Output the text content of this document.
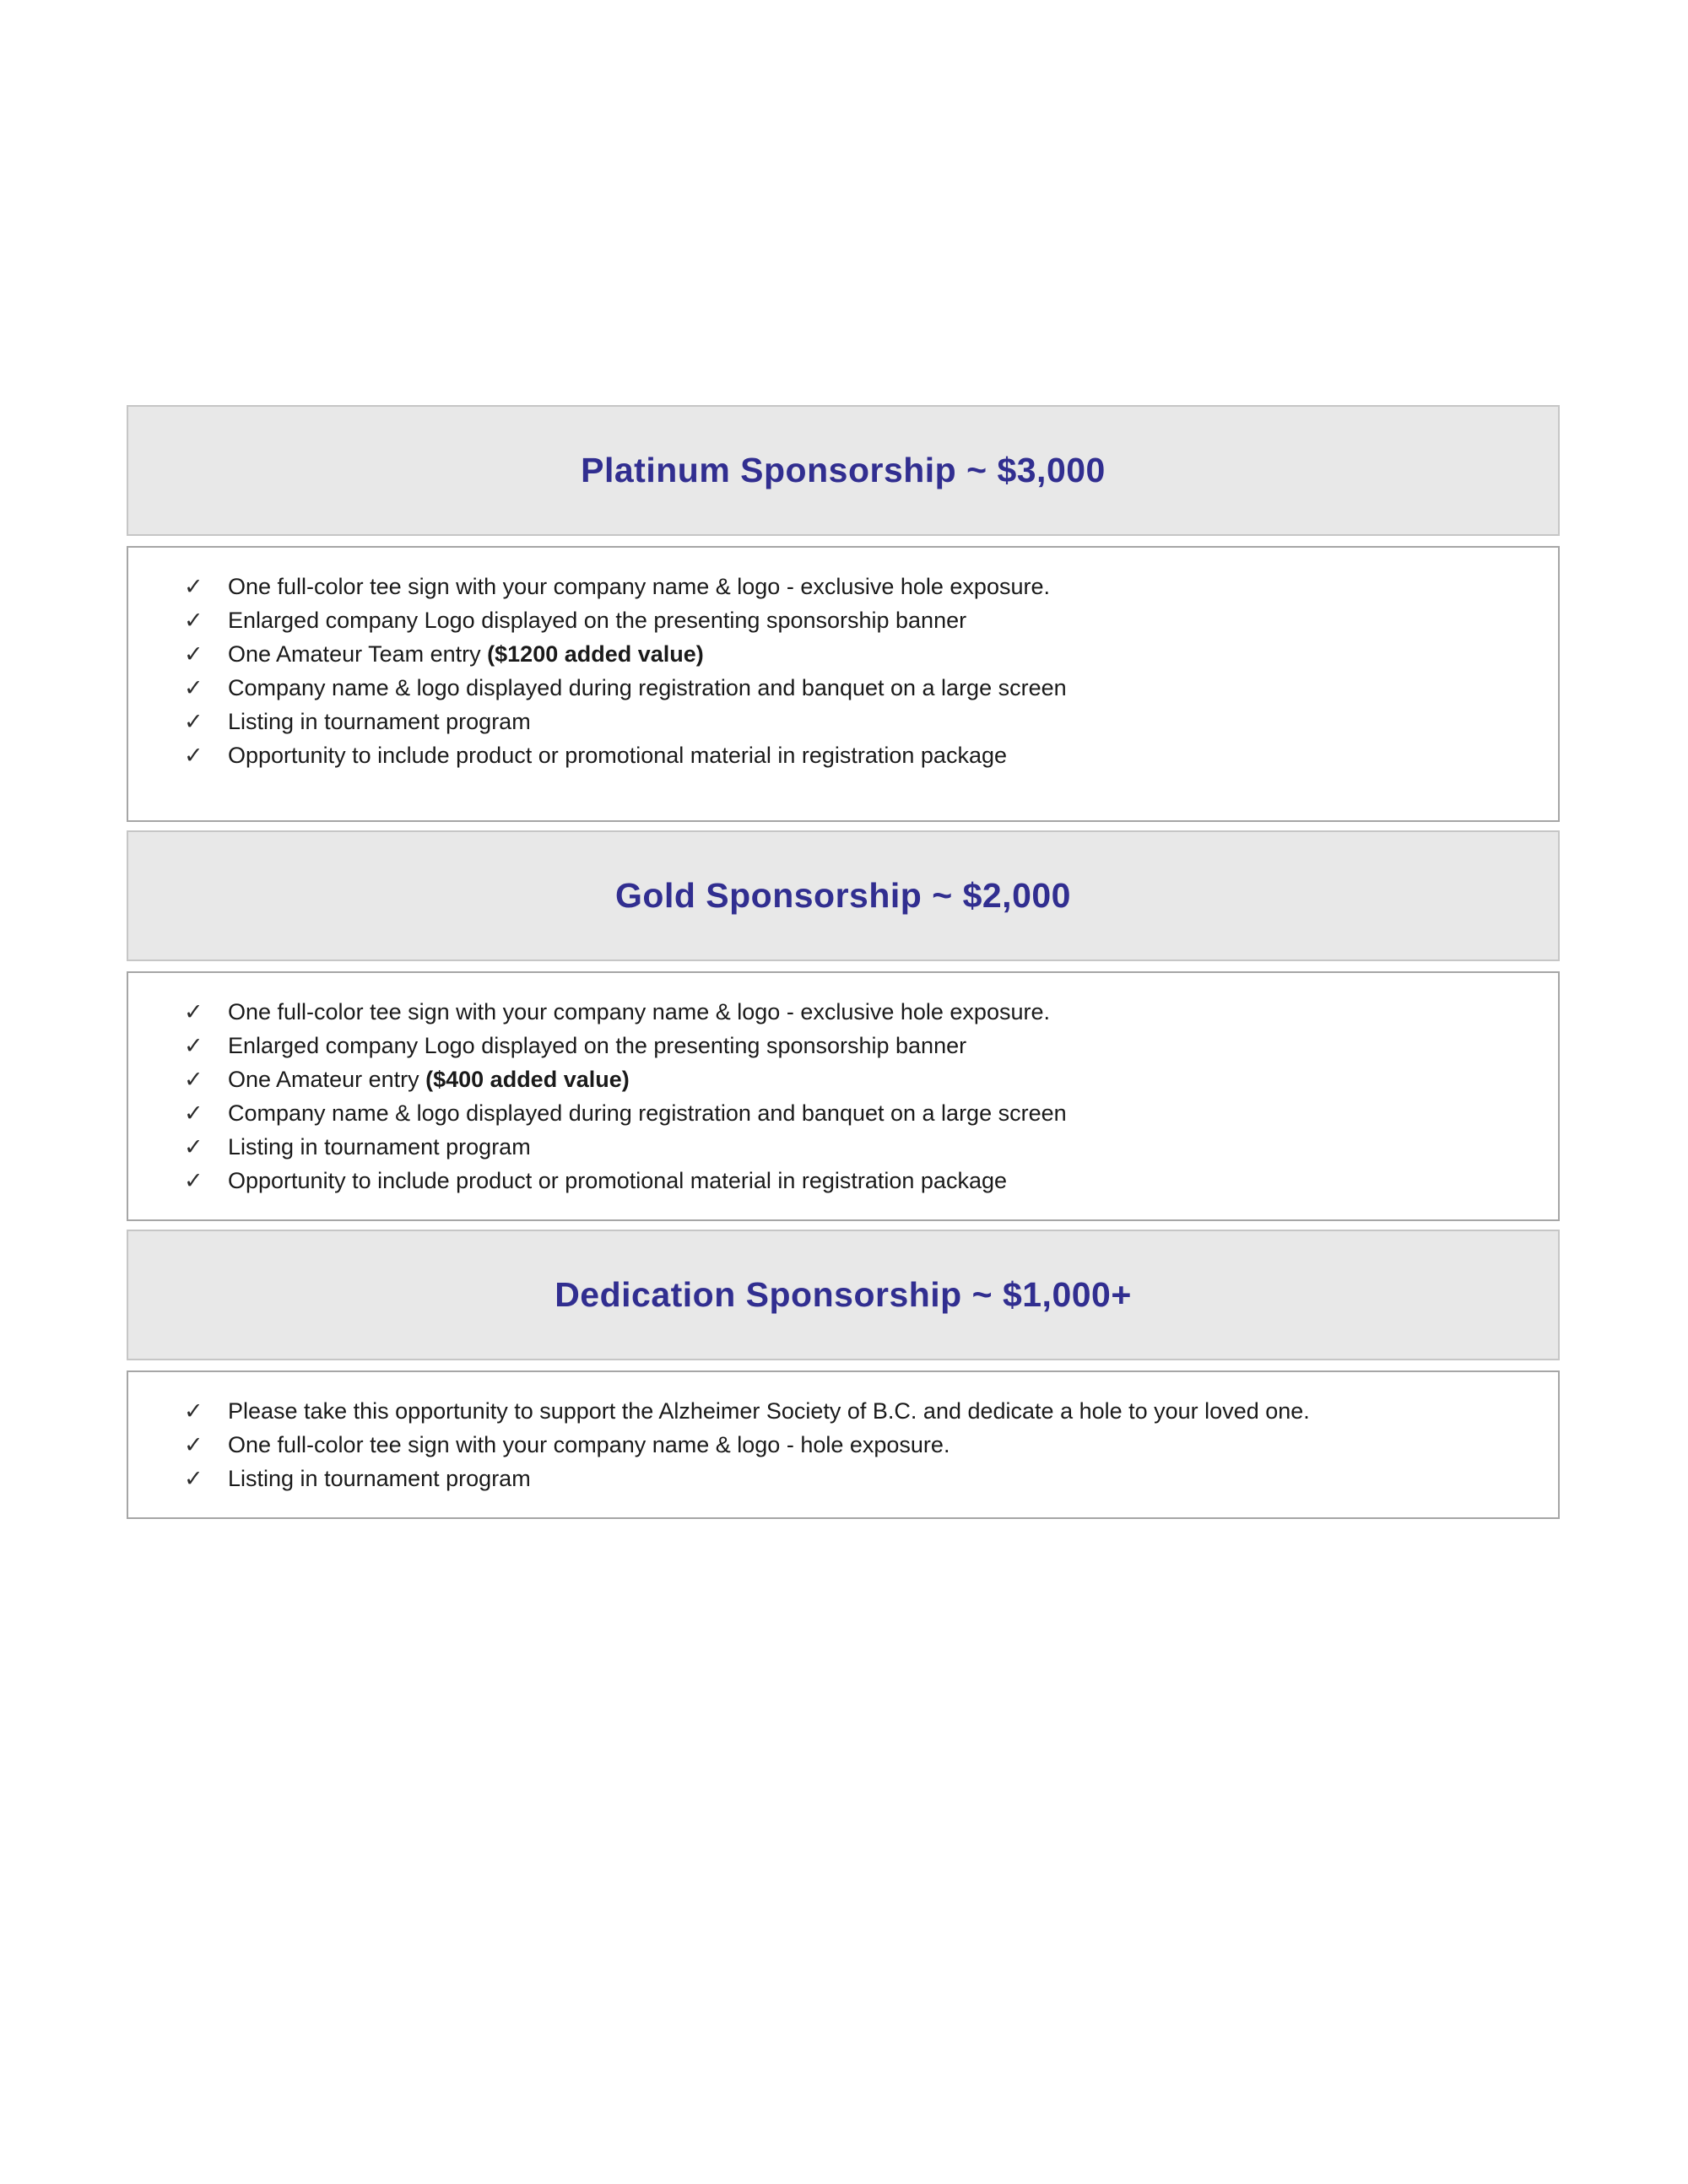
Platinum Sponsorship ~ $3,000
✓	One full-color tee sign with your company name & logo - exclusive hole exposure.
✓	Enlarged company Logo displayed on the presenting sponsorship banner
✓	One Amateur Team entry ($1200 added value)
✓	Company name & logo displayed during registration and banquet on a large screen
✓	Listing in tournament program
✓	Opportunity to include product or promotional material in registration package
Gold Sponsorship ~ $2,000
✓	One full-color tee sign with your company name & logo - exclusive hole exposure.
✓	Enlarged company Logo displayed on the presenting sponsorship banner
✓	One Amateur entry ($400 added value)
✓	Company name & logo displayed during registration and banquet on a large screen
✓	Listing in tournament program
✓	Opportunity to include product or promotional material in registration package
Dedication Sponsorship ~ $1,000+
✓	Please take this opportunity to support the Alzheimer Society of B.C. and dedicate a hole to your loved one.
✓	One full-color tee sign with your company name & logo - hole exposure.
✓	Listing in tournament program
